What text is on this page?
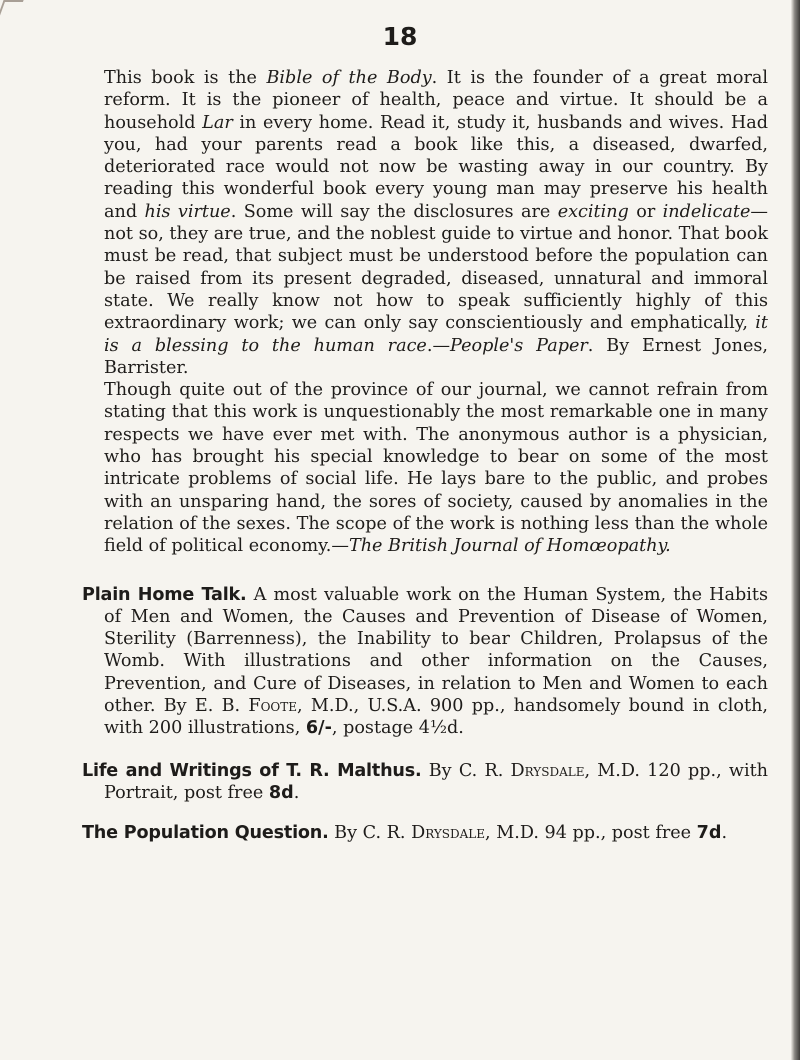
18

This book is the Bible of the Body. It is the founder of a great moral reform. It is the pioneer of health, peace and virtue. It should be a household Lar in every home. Read it, study it, husbands and wives. Had you, had your parents read a book like this, a diseased, dwarfed, deteriorated race would not now be wasting away in our country. By reading this wonderful book every young man may preserve his health and his virtue. Some will say the disclosures are exciting or indelicate—not so, they are true, and the noblest guide to virtue and honor. That book must be read, that subject must be understood before the population can be raised from its present degraded, diseased, unnatural and immoral state. We really know not how to speak sufficiently highly of this extraordinary work; we can only say conscientiously and emphatically, it is a blessing to the human race.—People's Paper. By Ernest Jones, Barrister.

Though quite out of the province of our journal, we cannot refrain from stating that this work is unquestionably the most remarkable one in many respects we have ever met with. The anonymous author is a physician, who has brought his special knowledge to bear on some of the most intricate problems of social life. He lays bare to the public, and probes with an unsparing hand, the sores of society, caused by anomalies in the relation of the sexes. The scope of the work is nothing less than the whole field of political economy.—The British Journal of Homœopathy.

Plain Home Talk. A most valuable work on the Human System, the Habits of Men and Women, the Causes and Prevention of Disease of Women, Sterility (Barrenness), the Inability to bear Children, Prolapsus of the Womb. With illustrations and other information on the Causes, Prevention, and Cure of Diseases, in relation to Men and Women to each other. By E. B. Foote, M.D., U.S.A. 900 pp., handsomely bound in cloth, with 200 illustrations, 6/-, postage 4½d.

Life and Writings of T. R. Malthus. By C. R. Drysdale, M.D. 120 pp., with Portrait, post free 8d.

The Population Question. By C. R. Drysdale, M.D. 94 pp., post free 7d.
